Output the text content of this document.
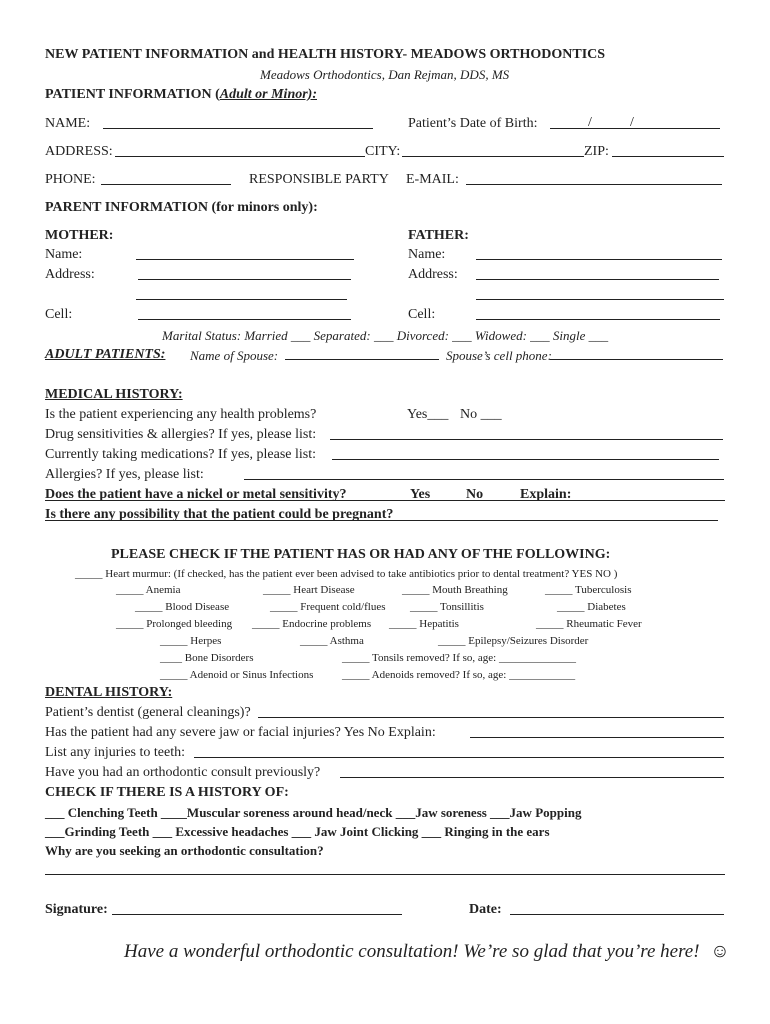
NEW PATIENT INFORMATION and HEALTH HISTORY- MEADOWS ORTHODONTICS
Meadows Orthodontics, Dan Rejman, DDS, MS
PATIENT INFORMATION (Adult or Minor):
NAME:	Patient’s Date of Birth:	/	/
ADDRESS:	CITY:	ZIP:
PHONE:	RESPONSIBLE PARTY E-MAIL:
PARENT INFORMATION (for minors only):
MOTHER:	FATHER:
Name:	Name:
Address:	Address:
Cell:	Cell:
Marital Status: Married ___ Separated: ___ Divorced: ___ Widowed: ___ Single ___
ADULT PATIENTS: Name of Spouse:	Spouse’s cell phone:
MEDICAL HISTORY:
Is the patient experiencing any health problems?	Yes___ No ___
Drug sensitivities & allergies? If yes, please list:
Currently taking medications? If yes, please list:
Allergies? If yes, please list:
Does the patient have a nickel or metal sensitivity?	Yes	No	Explain:
Is there any possibility that the patient could be pregnant?
PLEASE CHECK IF THE PATIENT HAS OR HAD ANY OF THE FOLLOWING:
_____ Heart murmur: (If checked, has the patient ever been advised to take antibiotics prior to dental treatment? YES NO )
_____ Anemia	_____ Heart Disease	_____ Mouth Breathing	_____ Tuberculosis
_____ Blood Disease	_____ Frequent cold/flues _____ Tonsillitis	_____ Diabetes
_____ Prolonged bleeding _____ Endocrine problems _____ Hepatitis	_____ Rheumatic Fever
_____ Herpes	_____ Asthma	_____ Epilepsy/Seizures Disorder
____ Bone Disorders	_____ Tonsils removed? If so, age: ______________
_____ Adenoid or Sinus Infections	_____ Adenoids removed? If so, age: ____________
DENTAL HISTORY:
Patient’s dentist (general cleanings)?
Has the patient had any severe jaw or facial injuries? Yes No Explain:
List any injuries to teeth:
Have you had an orthodontic consult previously?
CHECK IF THERE IS A HISTORY OF:
___ Clenching Teeth ____Muscular soreness around head/neck ___Jaw soreness ___Jaw Popping
___Grinding Teeth ___ Excessive headaches ___ Jaw Joint Clicking ___ Ringing in the ears
Why are you seeking an orthodontic consultation?
Signature:	Date:
Have a wonderful orthodontic consultation! We’re so glad that you’re here! ☺
